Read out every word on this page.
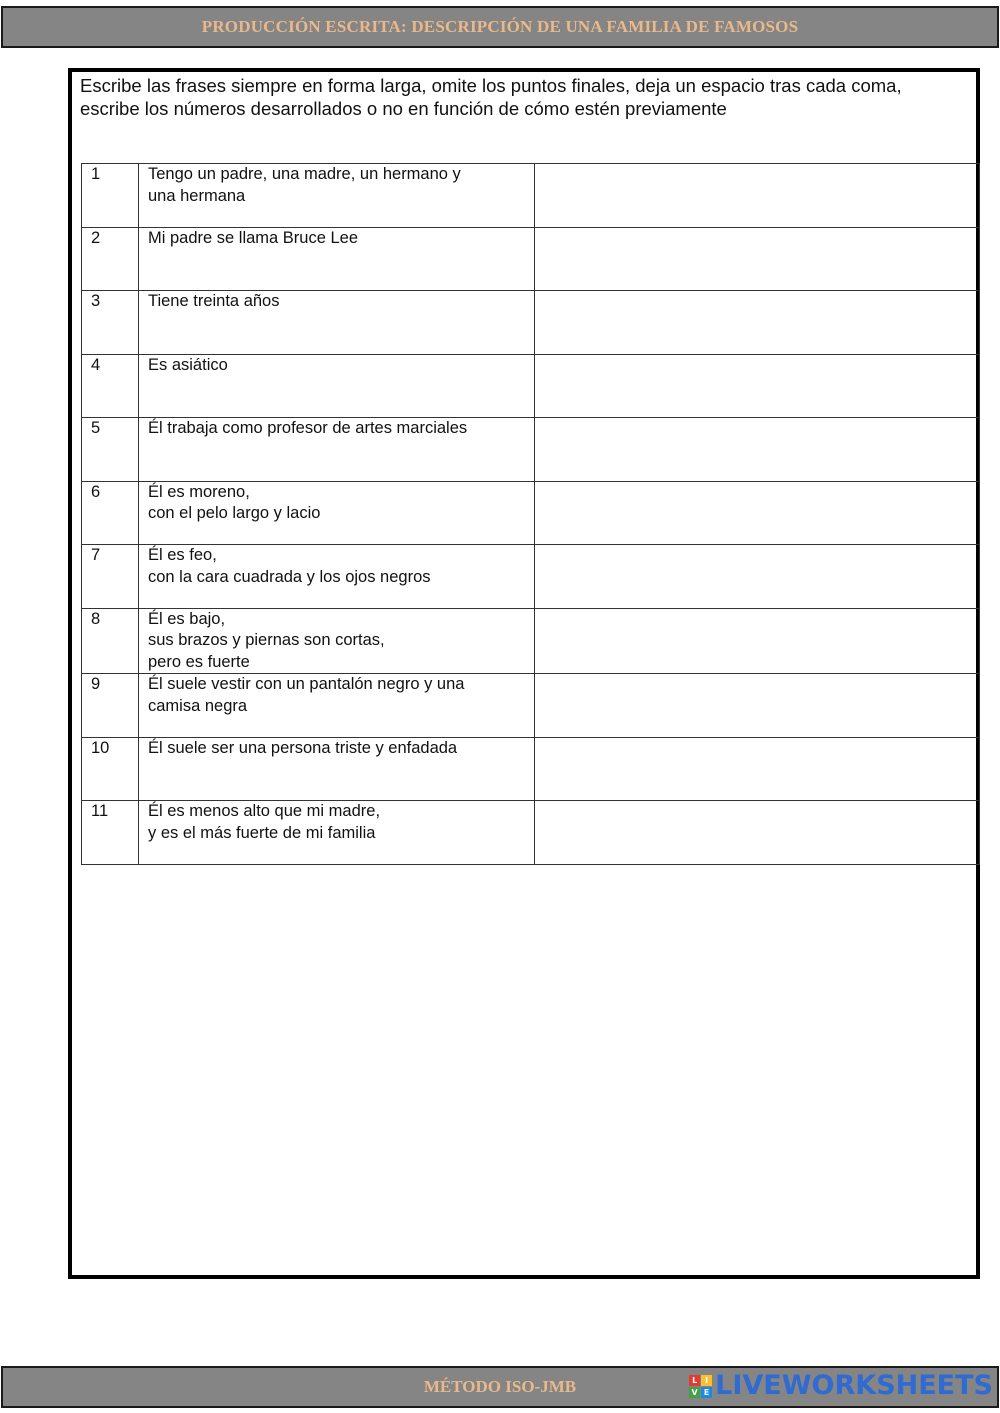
PRODUCCIÓN ESCRITA: DESCRIPCIÓN DE UNA FAMILIA DE FAMOSOS
Escribe las frases siempre en forma larga, omite los puntos finales, deja un espacio tras cada coma, escribe los números desarrollados o no en función de cómo estén previamente
1	Tengo un padre, una madre, un hermano y
una hermana	
2	Mi padre se llama Bruce Lee	
3	Tiene treinta años	
4	Es asiático	
5	Él trabaja como profesor de artes marciales	
6	Él es moreno,
con el pelo largo y lacio	
7	Él es feo,
con la cara cuadrada y los ojos negros	
8	Él es bajo,
sus brazos y piernas son cortas,
pero es fuerte	
9	Él suele vestir con un pantalón negro y una
camisa negra	
10	Él suele ser una persona triste y enfadada	
11	Él es menos alto que mi madre,
y es el más fuerte de mi familia	
MÉTODO ISO-JMB	L I
V E LIVEWORKSHEETS
